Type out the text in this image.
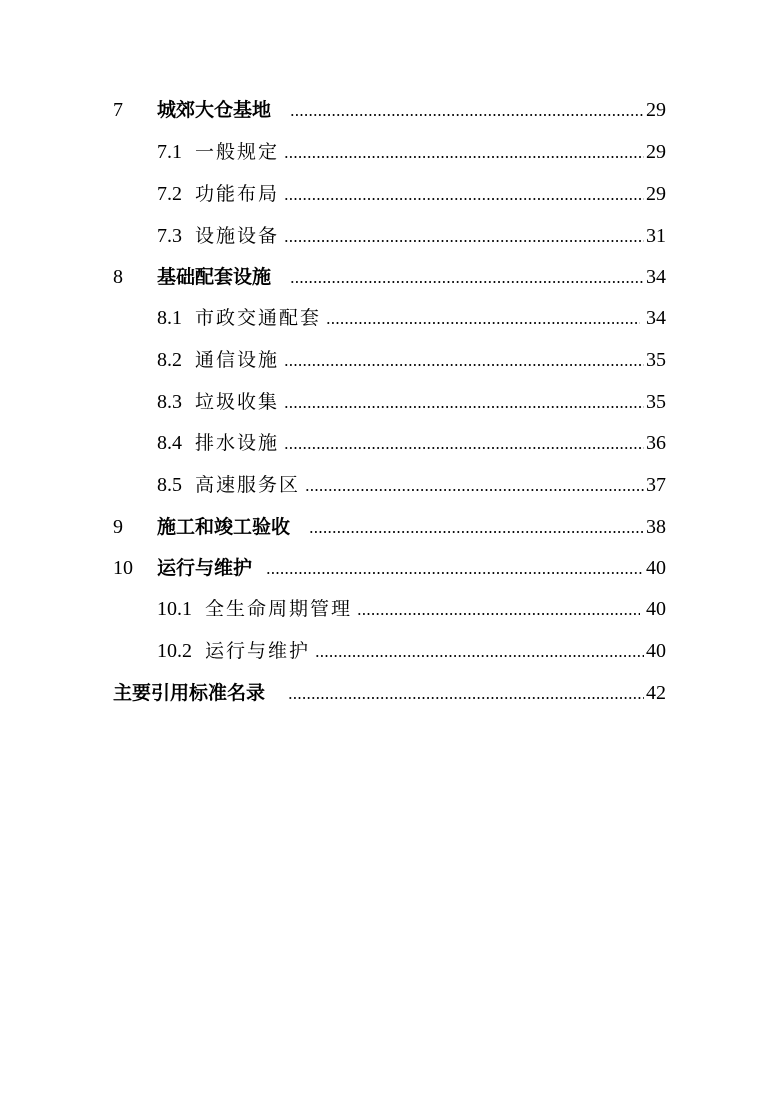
7 城郊大仓基地	29
7.1 一般规定	29
7.2 功能布局	29
7.3 设施设备	31
8 基础配套设施	34
8.1 市政交通配套	34
8.2 通信设施	35
8.3 垃圾收集	35
8.4 排水设施	36
8.5 高速服务区	37
9 施工和竣工验收	38
10 运行与维护	40
10.1 全生命周期管理	40
10.2 运行与维护	40
主要引用标准名录	42
